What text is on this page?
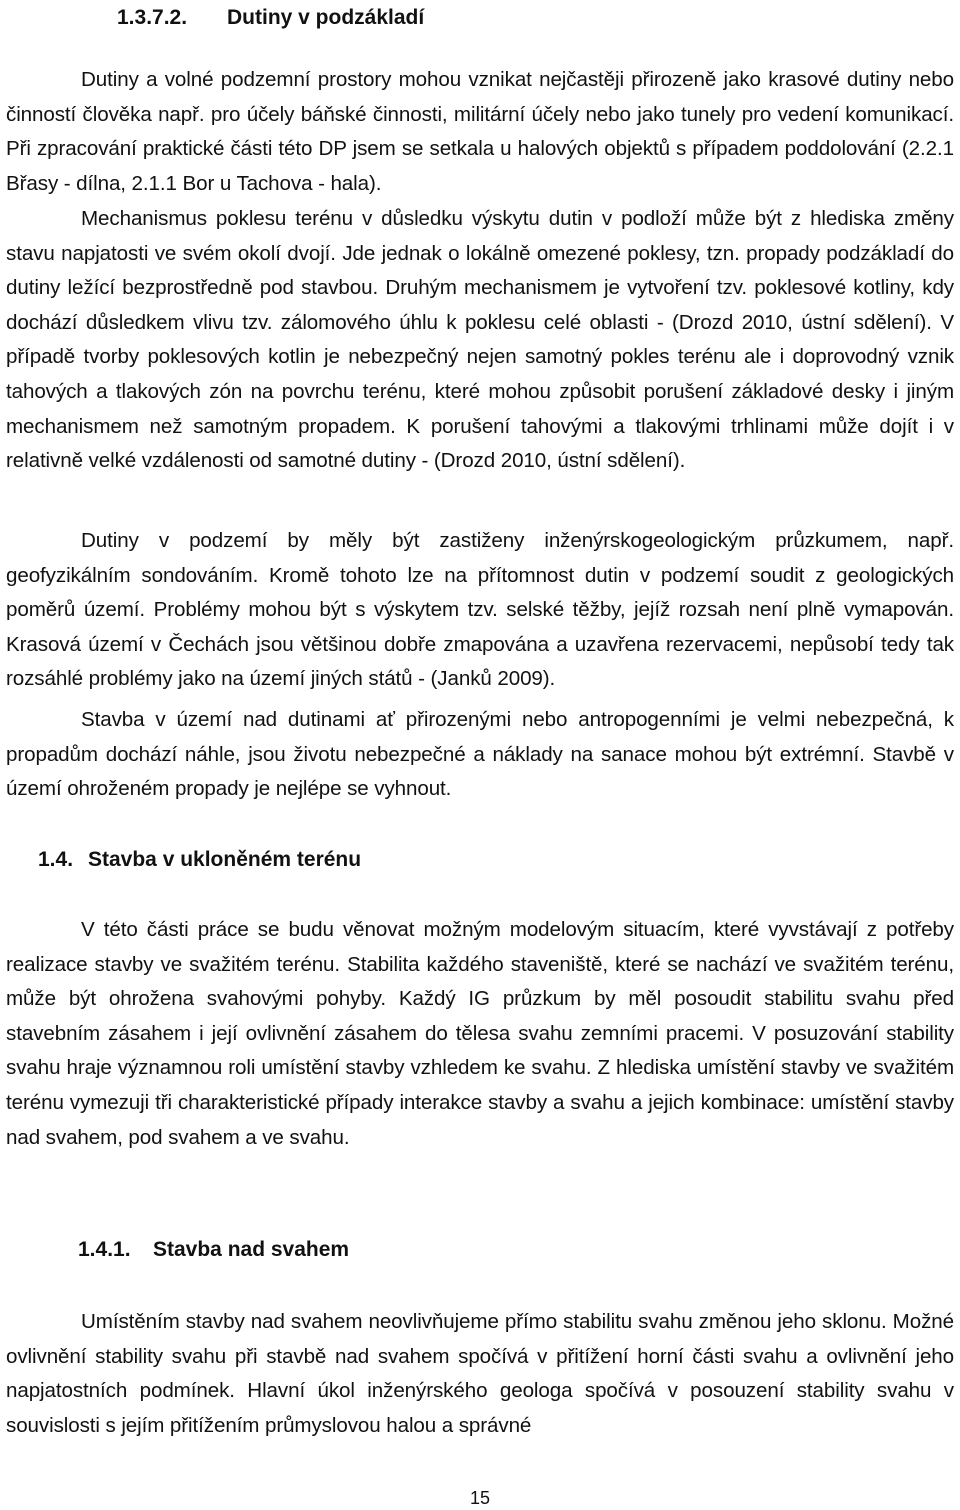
1.3.7.2. Dutiny v podzákladí

Dutiny a volné podzemní prostory mohou vznikat nejčastěji přirozeně jako krasové dutiny nebo činností člověka např. pro účely báňské činnosti, militární účely nebo jako tunely pro vedení komunikací. Při zpracování praktické části této DP jsem se setkala u halových objektů s případem poddolování (2.2.1 Břasy - dílna, 2.1.1 Bor u Tachova - hala).

Mechanismus poklesu terénu v důsledku výskytu dutin v podloží může být z hlediska změny stavu napjatosti ve svém okolí dvojí. Jde jednak o lokálně omezené poklesy, tzn. propady podzákladí do dutiny ležící bezprostředně pod stavbou. Druhým mechanismem je vytvoření tzv. poklesové kotliny, kdy dochází důsledkem vlivu tzv. zálomového úhlu k poklesu celé oblasti - (Drozd 2010, ústní sdělení). V případě tvorby poklesových kotlin je nebezpečný nejen samotný pokles terénu ale i doprovodný vznik tahových a tlakových zón na povrchu terénu, které mohou způsobit porušení základové desky i jiným mechanismem než samotným propadem. K porušení tahovými a tlakovými trhlinami může dojít i v relativně velké vzdálenosti od samotné dutiny - (Drozd 2010, ústní sdělení).

Dutiny v podzemí by měly být zastiženy inženýrskogeologickým průzkumem, např. geofyzikálním sondováním. Kromě tohoto lze na přítomnost dutin v podzemí soudit z geologických poměrů území. Problémy mohou být s výskytem tzv. selské těžby, jejíž rozsah není plně vymapován. Krasová území v Čechách jsou většinou dobře zmapována a uzavřena rezervacemi, nepůsobí tedy tak rozsáhlé problémy jako na území jiných států - (Janků 2009).

Stavba v území nad dutinami ať přirozenými nebo antropogenními je velmi nebezpečná, k propadům dochází náhle, jsou životu nebezpečné a náklady na sanace mohou být extrémní. Stavbě v území ohroženém propady je nejlépe se vyhnout.

1.4. Stavba v ukloněném terénu

V této části práce se budu věnovat možným modelovým situacím, které vyvstávají z potřeby realizace stavby ve svažitém terénu. Stabilita každého staveniště, které se nachází ve svažitém terénu, může být ohrožena svahovými pohyby. Každý IG průzkum by měl posoudit stabilitu svahu před stavebním zásahem i její ovlivnění zásahem do tělesa svahu zemními pracemi. V posuzování stability svahu hraje významnou roli umístění stavby vzhledem ke svahu. Z hlediska umístění stavby ve svažitém terénu vymezuji tři charakteristické případy interakce stavby a svahu a jejich kombinace: umístění stavby nad svahem, pod svahem a ve svahu.

1.4.1. Stavba nad svahem

Umístěním stavby nad svahem neovlivňujeme přímo stabilitu svahu změnou jeho sklonu. Možné ovlivnění stability svahu při stavbě nad svahem spočívá v přitížení horní části svahu a ovlivnění jeho napjatostních podmínek. Hlavní úkol inženýrského geologa spočívá v posouzení stability svahu v souvislosti s jejím přitížením průmyslovou halou a správné

15
